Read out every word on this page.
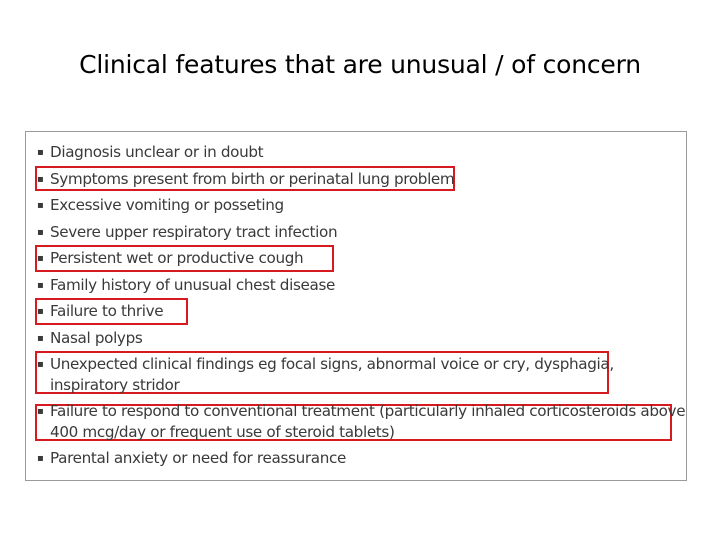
Clinical features that are unusual / of concern
▪ Diagnosis unclear or in doubt
▪ Symptoms present from birth or perinatal lung problem
▪ Excessive vomiting or posseting
▪ Severe upper respiratory tract infection
▪ Persistent wet or productive cough
▪ Family history of unusual chest disease
▪ Failure to thrive
▪ Nasal polyps
▪ Unexpected clinical findings eg focal signs, abnormal voice or cry, dysphagia,
inspiratory stridor
▪ Failure to respond to conventional treatment (particularly inhaled corticosteroids above
400 mcg/day or frequent use of steroid tablets)
▪ Parental anxiety or need for reassurance
